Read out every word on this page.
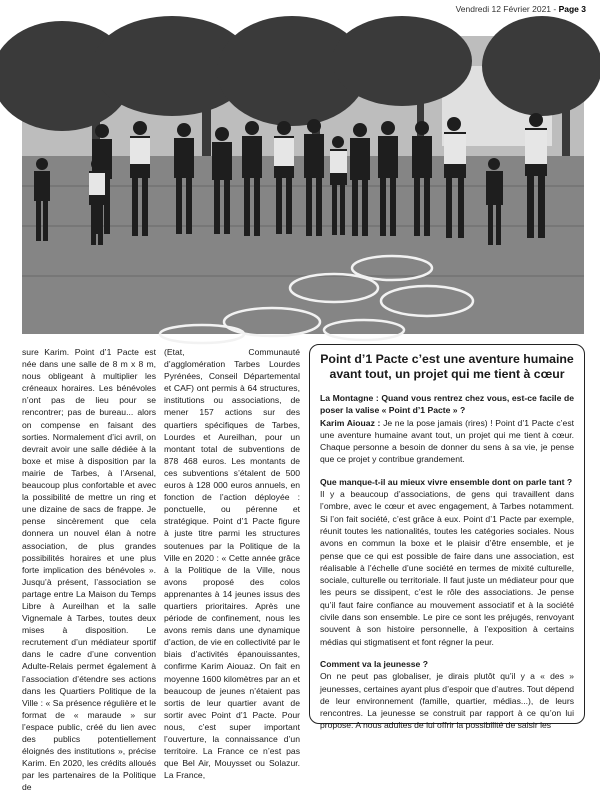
Vendredi 12 Février 2021 - Page 3

sure Karim. Point d’1 Pacte est née dans une salle de 8 m x 8 m, nous obligeant à multiplier les créneaux horaires. Les bénévoles n’ont pas de lieu pour se rencontrer; pas de bureau... alors on compense en faisant des sorties. Normalement d’ici avril, on devrait avoir une salle dédiée à la boxe et mise à disposition par la mairie de Tarbes, à l’Arsenal, beaucoup plus confortable et avec la possibilité de mettre un ring et une dizaine de sacs de frappe. Je pense sincèrement que cela donnera un nouvel élan à notre association, de plus grandes possibilités horaires et une plus forte implication des bénévoles ». Jusqu’à présent, l’association se partage entre La Maison du Temps Libre à Aureilhan et la salle Vignemale à Tarbes, toutes deux mises à disposition. Le recrutement d’un médiateur sportif dans le cadre d’une convention Adulte-Relais permet également à l’association d’étendre ses actions dans les Quartiers Politique de la Ville : « Sa présence régulière et le format de « maraude » sur l’espace public, créé du lien avec des publics potentiellement éloignés des institutions », précise Karim. En 2020, les crédits alloués par les partenaires de la Politique de

(Etat, Communauté d’agglomération Tarbes Lourdes Pyrénées, Conseil Départemental et CAF) ont permis à 64 structures, institutions ou associations, de mener 157 actions sur des quartiers spécifiques de Tarbes, Lourdes et Aureilhan, pour un montant total de subventions de 878 468 euros. Les montants de ces subventions s’étalent de 500 euros à 128 000 euros annuels, en fonction de l’action déployée : ponctuelle, ou pérenne et stratégique. Point d’1 Pacte figure à juste titre parmi les structures soutenues par la Politique de la Ville en 2020 : « Cette année grâce à la Politique de la Ville, nous avons proposé des colos apprenantes à 14 jeunes issus des quartiers prioritaires. Après une période de confinement, nous les avons remis dans une dynamique d’action, de vie en collectivité par le biais d’activités épanouissantes, confirme Karim Aiouaz. On fait en moyenne 1600 kilomètres par an et beaucoup de jeunes n’étaient pas sortis de leur quartier avant de sortir avec Point d’1 Pacte. Pour nous, c’est super important l’ouverture, la connaissance d’un territoire. La France ce n’est pas que Bel Air, Mouysset ou Solazur. La France,

Point d’1 Pacte c’est une aventure humaine avant tout, un projet qui me tient à cœur

La Montagne : Quand vous rentrez chez vous, est-ce facile de poser la valise « Point d’1 Pacte » ?

Karim Aiouaz : Je ne la pose jamais (rires) ! Point d’1 Pacte c’est une aventure humaine avant tout, un projet qui me tient à cœur. Chaque personne a besoin de donner du sens à sa vie, je pense que ce projet y contribue grandement.

Que manque-t-il au mieux vivre ensemble dont on parle tant ?

Il y a beaucoup d’associations, de gens qui travaillent dans l’ombre, avec le cœur et avec engagement, à Tarbes notamment. Si l’on fait société, c’est grâce à eux. Point d’1 Pacte par exemple, réunit toutes les nationalités, toutes les catégories sociales. Nous avons en commun la boxe et le plaisir d’être ensemble, et je pense que ce qui est possible de faire dans une association, est réalisable à l’échelle d’une société en termes de mixité culturelle, sociale, culturelle ou territoriale. Il faut juste un médiateur pour que les peurs se dissipent, c’est le rôle des associations. Je pense qu’il faut faire confiance au mouvement associatif et à la société civile dans son ensemble. Le pire ce sont les préjugés, renvoyant souvent à son histoire personnelle, à l’exposition à certains médias qui stigmatisent et font régner la peur.

Comment va la jeunesse ?

On ne peut pas globaliser, je dirais plutôt qu’il y a « des » jeunesses, certaines ayant plus d’espoir que d’autres. Tout dépend de leur environnement (famille, quartier, médias...), de leurs rencontres. La jeunesse se construit par rapport à ce qu’on lui propose. A nous adultes de lui offrir la possibilité de saisir les
